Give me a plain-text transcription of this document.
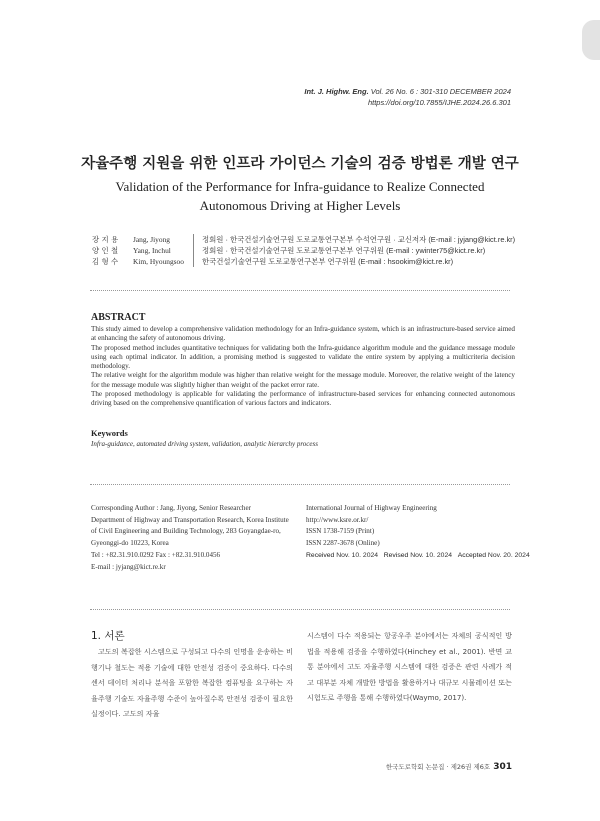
Int. J. Highw. Eng. Vol. 26 No. 6 : 301-310 DECEMBER 2024
https://doi.org/10.7855/IJHE.2024.26.6.301
자율주행 지원을 위한 인프라 가이던스 기술의 검증 방법론 개발 연구
Validation of the Performance for Infra-guidance to Realize Connected
Autonomous Driving at Higher Levels
장 지 용	Jang, Jiyong	정회원 · 한국건설기술연구원 도로교통연구본부 수석연구원 · 교신저자 (E-mail : jyjang@kict.re.kr)
양 인 철	Yang, Inchul	정회원 · 한국건설기술연구원 도로교통연구본부 연구위원 (E-mail : ywinter75@kict.re.kr)
김 형 수	Kim, Hyoungsoo	한국건설기술연구원 도로교통연구본부 연구위원 (E-mail : hsookim@kict.re.kr)
ABSTRACT

This study aimed to develop a comprehensive validation methodology for an Infra-guidance system, which is an infrastructure-based service aimed at enhancing the safety of autonomous driving.

The proposed method includes quantitative techniques for validating both the Infra-guidance algorithm module and the guidance message module using each optimal indicator. In addition, a promising method is suggested to validate the entire system by applying a multicriteria decision methodology.

The relative weight for the algorithm module was higher than relative weight for the message module. Moreover, the relative weight of the latency for the message module was slightly higher than weight of the packet error rate.

The proposed methodology is applicable for validating the performance of infrastructure-based services for enhancing connected autonomous driving based on the comprehensive quantification of various factors and indicators.

Keywords
Infra-guidance, automated driving system, validation, analytic hierarchy process
Corresponding Author : Jang, Jiyong, Senior Researcher
Department of Highway and Transportation Research, Korea Institute
of Civil Engineering and Building Technology, 283 Goyangdae-ro,
Gyeonggi-do 10223, Korea
Tel : +82.31.910.0292 Fax : +82.31.910.0456
E-mail : jyjang@kict.re.kr
International Journal of Highway Engineering
http://www.ksre.or.kr/
ISSN 1738-7159 (Print)
ISSN 2287-3678 (Online)
Received Nov. 10. 2024 Revised Nov. 10. 2024 Accepted Nov. 20. 2024
1. 서론
고도의 복잡한 시스템으로 구성되고 다수의 인명을 운송하는 비행기나 철도는 적용 기술에 대한 안전성 검증이 중요하다. 다수의 센서 데이터 처리나 분석을 포함한 복잡한 컴퓨팅을 요구하는 자율주행 기술도 자율주행 수준이 높아질수록 안전성 검증이 필요한 실정이다. 고도의 자율
시스템이 다수 적용되는 항공우주 분야에서는 자체의 공식적인 방법을 적용해 검증을 수행하였다(Hinchey et al., 2001). 반면 교통 분야에서 고도 자율주행 시스템에 대한 검증은 관련 사례가 적고 대부분 자체 개발한 방법을 활용하거나 대규모 시뮬레이션 또는 시험도로 주행을 통해 수행하였다(Waymo, 2017).
한국도로학회 논문집 · 제26권 제6호 301
